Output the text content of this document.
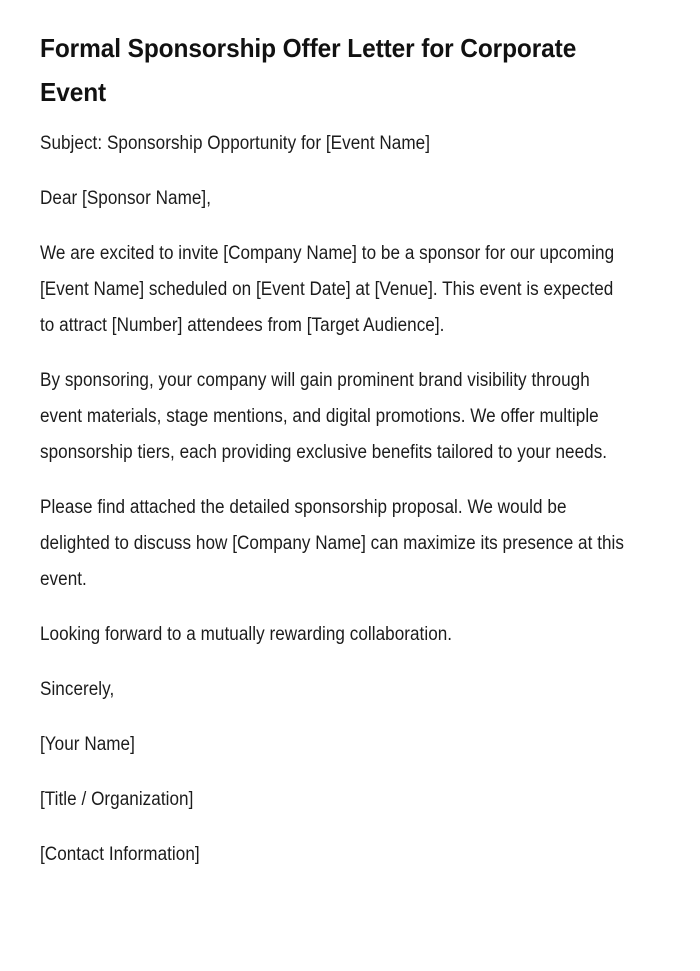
Formal Sponsorship Offer Letter for Corporate Event

Subject: Sponsorship Opportunity for [Event Name]

Dear [Sponsor Name],

We are excited to invite [Company Name] to be a sponsor for our upcoming [Event Name] scheduled on [Event Date] at [Venue]. This event is expected to attract [Number] attendees from [Target Audience].

By sponsoring, your company will gain prominent brand visibility through event materials, stage mentions, and digital promotions. We offer multiple sponsorship tiers, each providing exclusive benefits tailored to your needs.

Please find attached the detailed sponsorship proposal. We would be delighted to discuss how [Company Name] can maximize its presence at this event.

Looking forward to a mutually rewarding collaboration.

Sincerely,

[Your Name]

[Title / Organization]

[Contact Information]
